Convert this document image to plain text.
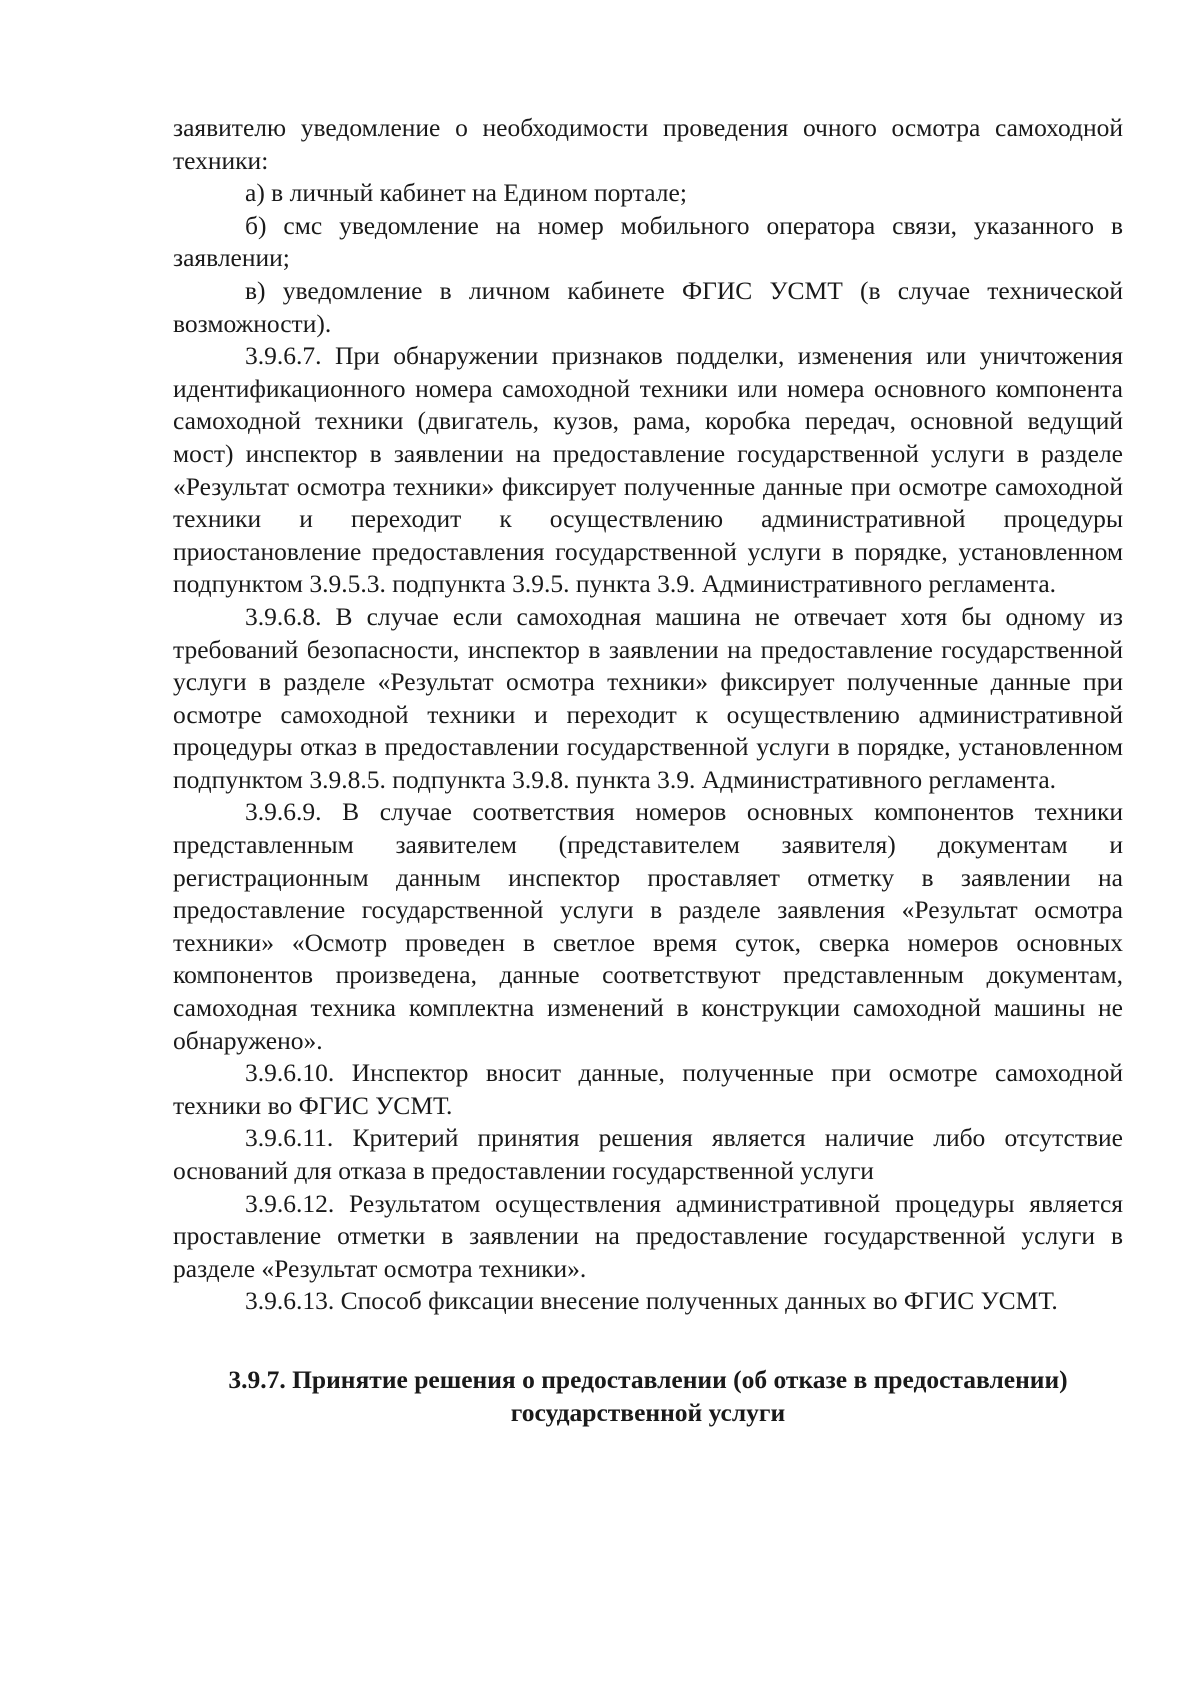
заявителю уведомление о необходимости проведения очного осмотра самоходной техники:

а) в личный кабинет на Едином портале;

б) смс уведомление на номер мобильного оператора связи, указанного в заявлении;

в) уведомление в личном кабинете ФГИС УСМТ (в случае технической возможности).

3.9.6.7. При обнаружении признаков подделки, изменения или уничтожения идентификационного номера самоходной техники или номера основного компонента самоходной техники (двигатель, кузов, рама, коробка передач, основной ведущий мост) инспектор в заявлении на предоставление государственной услуги в разделе «Результат осмотра техники» фиксирует полученные данные при осмотре самоходной техники и переходит к осуществлению административной процедуры приостановление предоставления государственной услуги в порядке, установленном подпунктом 3.9.5.3. подпункта 3.9.5. пункта 3.9. Административного регламента.

3.9.6.8. В случае если самоходная машина не отвечает хотя бы одному из требований безопасности, инспектор в заявлении на предоставление государственной услуги в разделе «Результат осмотра техники» фиксирует полученные данные при осмотре самоходной техники и переходит к осуществлению административной процедуры отказ в предоставлении государственной услуги в порядке, установленном подпунктом 3.9.8.5. подпункта 3.9.8. пункта 3.9. Административного регламента.

3.9.6.9. В случае соответствия номеров основных компонентов техники представленным заявителем (представителем заявителя) документам и регистрационным данным инспектор проставляет отметку в заявлении на предоставление государственной услуги в разделе заявления «Результат осмотра техники» «Осмотр проведен в светлое время суток, сверка номеров основных компонентов произведена, данные соответствуют представленным документам, самоходная техника комплектна изменений в конструкции самоходной машины не обнаружено».

3.9.6.10. Инспектор вносит данные, полученные при осмотре самоходной техники во ФГИС УСМТ.

3.9.6.11. Критерий принятия решения является наличие либо отсутствие оснований для отказа в предоставлении государственной услуги

3.9.6.12. Результатом осуществления административной процедуры является проставление отметки в заявлении на предоставление государственной услуги в разделе «Результат осмотра техники».

3.9.6.13. Способ фиксации внесение полученных данных во ФГИС УСМТ.

3.9.7. Принятие решения о предоставлении (об отказе в предоставлении)
государственной услуги
